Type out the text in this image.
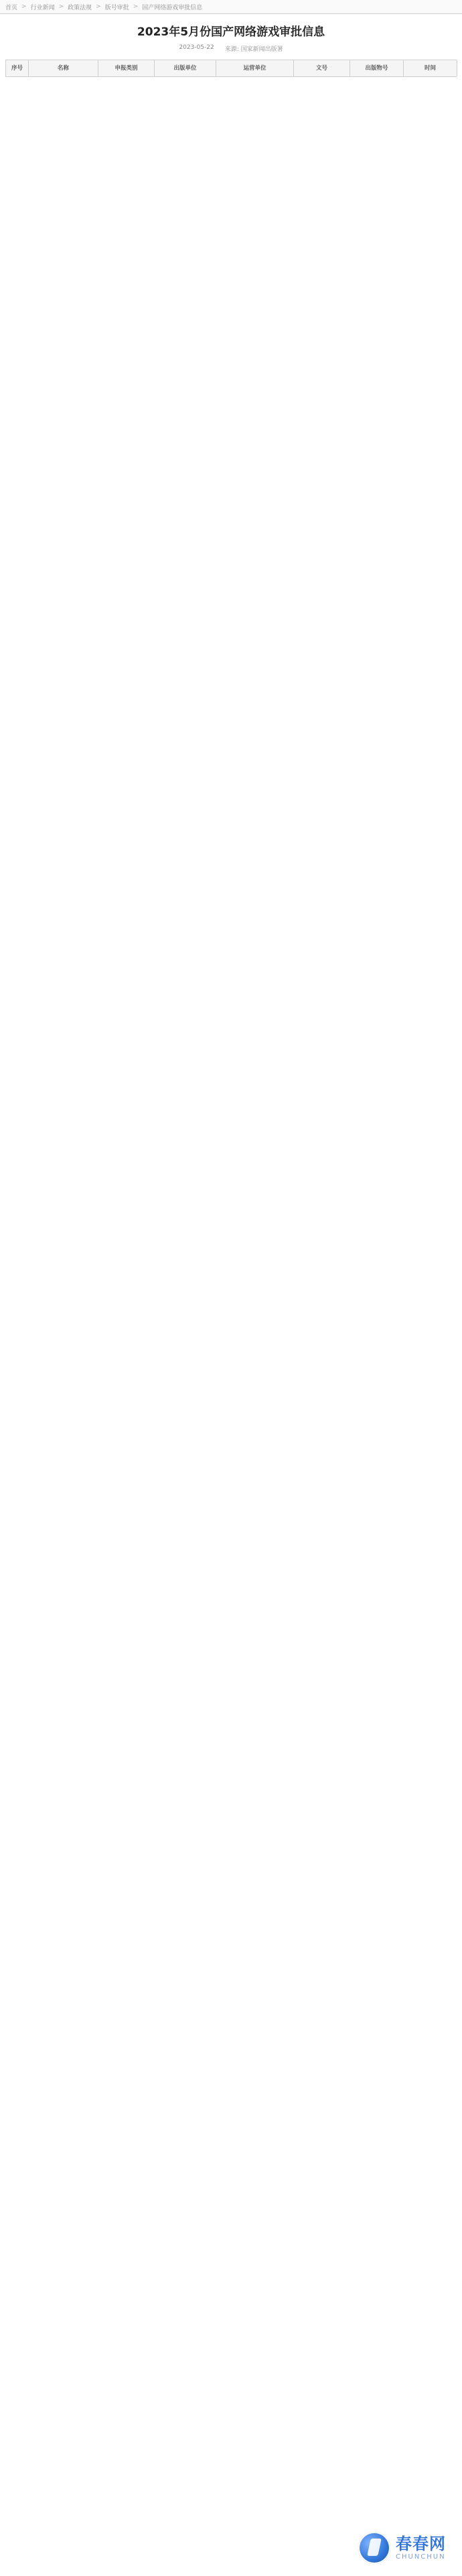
首页 > 行业新闻 > 政策法规 > 版号审批 > 国产网络游戏审批信息
2023年5月份国产网络游戏审批信息
2023-05-22 来源: 国家新闻出版署
序号	名称	申报类别	出版单位	运营单位	文号	出版物号	时间
春春网
CHUNCHUN
